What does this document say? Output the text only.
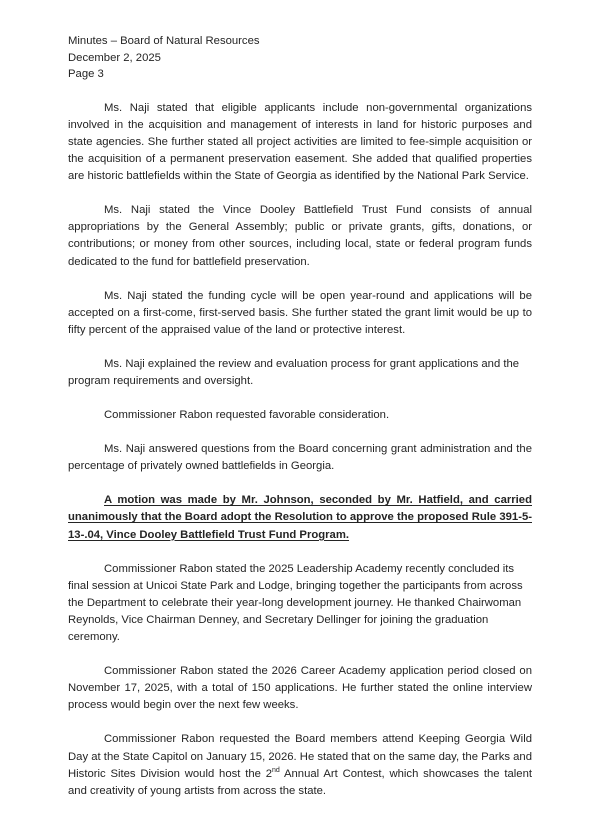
Minutes – Board of Natural Resources
December 2, 2025
Page 3

Ms. Naji stated that eligible applicants include non-governmental organizations involved in the acquisition and management of interests in land for historic purposes and state agencies. She further stated all project activities are limited to fee-simple acquisition or the acquisition of a permanent preservation easement. She added that qualified properties are historic battlefields within the State of Georgia as identified by the National Park Service.

Ms. Naji stated the Vince Dooley Battlefield Trust Fund consists of annual appropriations by the General Assembly; public or private grants, gifts, donations, or contributions; or money from other sources, including local, state or federal program funds dedicated to the fund for battlefield preservation.

Ms. Naji stated the funding cycle will be open year-round and applications will be accepted on a first-come, first-served basis. She further stated the grant limit would be up to fifty percent of the appraised value of the land or protective interest.

Ms. Naji explained the review and evaluation process for grant applications and the program requirements and oversight.

Commissioner Rabon requested favorable consideration.

Ms. Naji answered questions from the Board concerning grant administration and the percentage of privately owned battlefields in Georgia.

A motion was made by Mr. Johnson, seconded by Mr. Hatfield, and carried unanimously that the Board adopt the Resolution to approve the proposed Rule 391-5-13-.04, Vince Dooley Battlefield Trust Fund Program.

Commissioner Rabon stated the 2025 Leadership Academy recently concluded its final session at Unicoi State Park and Lodge, bringing together the participants from across the Department to celebrate their year-long development journey. He thanked Chairwoman Reynolds, Vice Chairman Denney, and Secretary Dellinger for joining the graduation ceremony.

Commissioner Rabon stated the 2026 Career Academy application period closed on November 17, 2025, with a total of 150 applications. He further stated the online interview process would begin over the next few weeks.

Commissioner Rabon requested the Board members attend Keeping Georgia Wild Day at the State Capitol on January 15, 2026. He stated that on the same day, the Parks and Historic Sites Division would host the 2nd Annual Art Contest, which showcases the talent and creativity of young artists from across the state.
